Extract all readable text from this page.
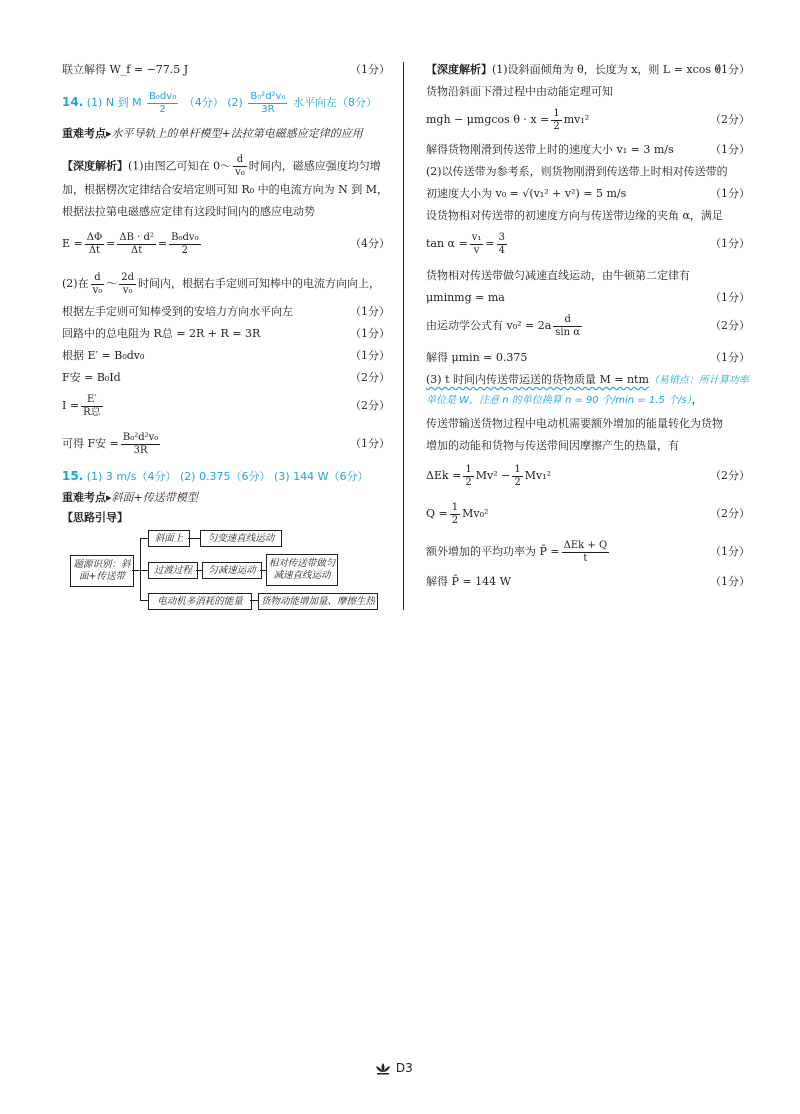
联立解得 W_f = −77.5 J	（1分）
14. (1) N 到 M $\frac{\text{B₀dv₀}}{2} (4$分） $(2) \frac{\text{B₀²d²v₀}}{3R}$ 水平向左（8分）
重难考点▸水平导轨上的单杆模型+法拉第电磁感应定律的应用
【深度解析】(1)由图乙可知在 0～ $\frac{d}{\text{v₀}}$ 时间内，磁感应强度均匀增
加，根据楞次定律结合安培定则可知 R₀ 中的电流方向为 N 到 M，
根据法拉第电磁感应定律有这段时间内的感应电动势
$E = \frac{\Delta\Phi}{\Delta t} = \frac{\text{ΔB · d²}}{\Delta t} = \frac{\text{B₀dv₀}}{2}$	（4分）
(2)在 $\frac{d}{\text{v₀}}$ ～ $\frac{2d}{\text{v₀}}$ 时间内，根据右手定则可知棒中的电流方向向上，
根据左手定则可知棒受到的安培力方向水平向左	（1分）
回路中的总电阻为 R总 = 2R + R = 3R	（1分）
根据 E′ = B₀dv₀	（1分）
F安 = B₀Id	（2分）
$I = \frac{E'}{\text{R总}}$	（2分）
可得 F安 = $\frac{\text{B₀²d²v₀}}{3R}$	（1分）
15. (1) 3 m/s（4分） (2) 0.375（6分） (3) 144 W（6分）
重难考点▸斜面+传送带模型
【思路引导】
题源识别：斜面+传送带
斜面上	匀变速直线运动
过渡过程	匀减速运动
相对传送带做匀减速直线运动
电动机多消耗的能量	货物动能增加量、摩擦生热
【深度解析】(1)设斜面倾角为 θ，长度为 x，则 L = xcos θ
（1分）
货物沿斜面下滑过程中由动能定理可知
mgh − μmgcos $\theta \cdot x = \frac{1}{2} mv_1^2$	（2分）
解得货物刚滑到传送带上时的速度大小 v₁ = 3 m/s	（1分）
(2)以传送带为参考系，则货物刚滑到传送带上时相对传送带的
初速度大小为 v₀ = √(v₁² + v²) = 5 m/s	（1分）
设货物相对传送带的初速度方向与传送带边缘的夹角 α，满足
$\tan \alpha = \frac{\text{v₁}}{v} = \frac{3}{4}$	（1分）
货物相对传送带做匀减速直线运动，由牛顿第二定律有
μminmg = ma	（1分）
由运动学公式有 $v_0^2 = 2a \frac{d}{\text{sin α}}$	（2分）
解得 μmin = 0.375	（1分）
(3) t 时间内传送带运送的货物质量 M = ntm（易错点：所计算功率
单位是 W，注意 n 的单位换算 n = 90 个/min = 1.5 个/s），
传送带输送货物过程中电动机需要额外增加的能量转化为货物
增加的动能和货物与传送带间因摩擦产生的热量，有
$\Delta Ek = \frac{1}{2} Mv^2 - \frac{1}{2} Mv_1^2$	（2分）
$Q = \frac{1}{2} Mv_0^2$	（2分）
额外增加的平均功率为 P̄ = $\frac{\text{ΔEk + Q}}{t}$	（1分）
解得 P̄ = 144 W	（1分）
D3
